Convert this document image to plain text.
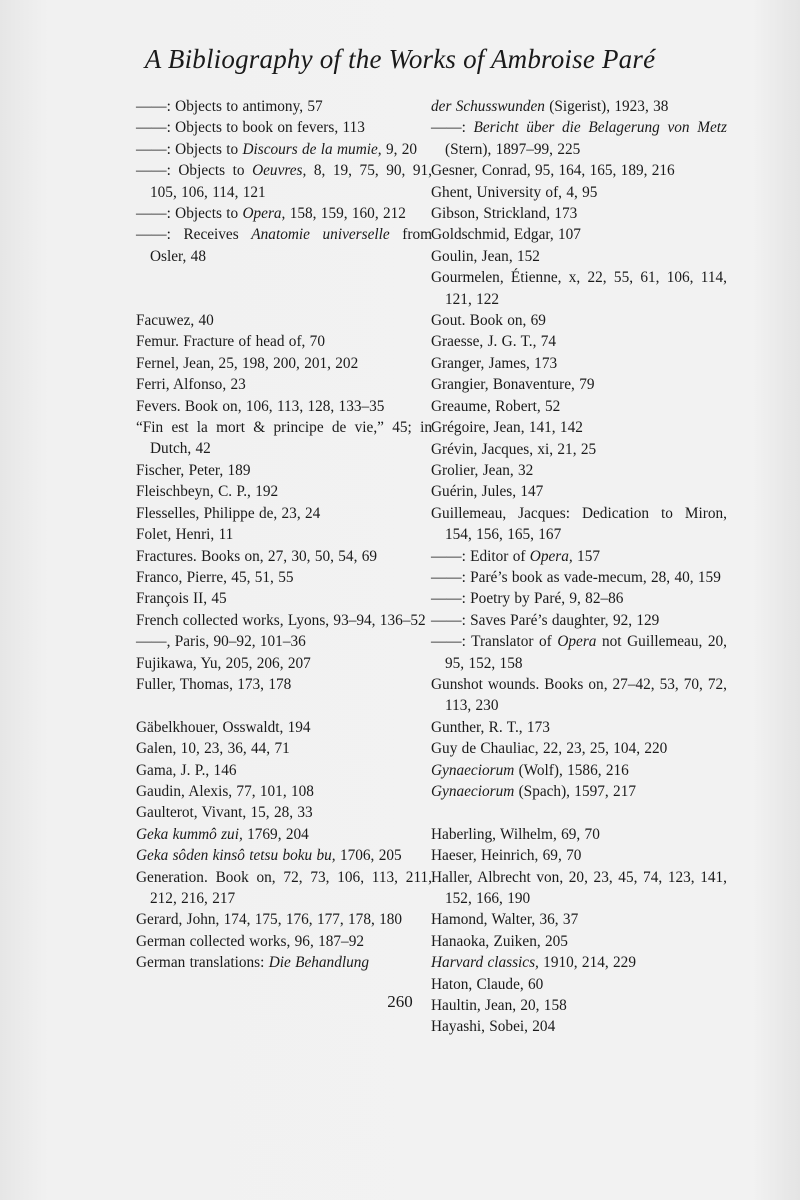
A Bibliography of the Works of Ambroise Paré
——: Objects to antimony, 57
——: Objects to book on fevers, 113
——: Objects to Discours de la mumie, 9, 20
——: Objects to Oeuvres, 8, 19, 75, 90, 91, 105, 106, 114, 121
——: Objects to Opera, 158, 159, 160, 212
——: Receives Anatomie universelle from Osler, 48
Facuwez, 40
Femur. Fracture of head of, 70
Fernel, Jean, 25, 198, 200, 201, 202
Ferri, Alfonso, 23
Fevers. Book on, 106, 113, 128, 133–35
“Fin est la mort & principe de vie,” 45; in Dutch, 42
Fischer, Peter, 189
Fleischbeyn, C. P., 192
Flesselles, Philippe de, 23, 24
Folet, Henri, 11
Fractures. Books on, 27, 30, 50, 54, 69
Franco, Pierre, 45, 51, 55
François II, 45
French collected works, Lyons, 93–94, 136–52
——, Paris, 90–92, 101–36
Fujikawa, Yu, 205, 206, 207
Fuller, Thomas, 173, 178
Gäbelkhouer, Osswaldt, 194
Galen, 10, 23, 36, 44, 71
Gama, J. P., 146
Gaudin, Alexis, 77, 101, 108
Gaulterot, Vivant, 15, 28, 33
Geka kummô zui, 1769, 204
Geka sôden kinsô tetsu boku bu, 1706, 205
Generation. Book on, 72, 73, 106, 113, 211, 212, 216, 217
Gerard, John, 174, 175, 176, 177, 178, 180
German collected works, 96, 187–92
German translations: Die Behandlung
der Schusswunden (Sigerist), 1923, 38
——: Bericht über die Belagerung von Metz (Stern), 1897–99, 225
Gesner, Conrad, 95, 164, 165, 189, 216
Ghent, University of, 4, 95
Gibson, Strickland, 173
Goldschmid, Edgar, 107
Goulin, Jean, 152
Gourmelen, Étienne, x, 22, 55, 61, 106, 114, 121, 122
Gout. Book on, 69
Graesse, J. G. T., 74
Granger, James, 173
Grangier, Bonaventure, 79
Greaume, Robert, 52
Grégoire, Jean, 141, 142
Grévin, Jacques, xi, 21, 25
Grolier, Jean, 32
Guérin, Jules, 147
Guillemeau, Jacques: Dedication to Miron, 154, 156, 165, 167
——: Editor of Opera, 157
——: Paré’s book as vade-mecum, 28, 40, 159
——: Poetry by Paré, 9, 82–86
——: Saves Paré’s daughter, 92, 129
——: Translator of Opera not Guillemeau, 20, 95, 152, 158
Gunshot wounds. Books on, 27–42, 53, 70, 72, 113, 230
Gunther, R. T., 173
Guy de Chauliac, 22, 23, 25, 104, 220
Gynaeciorum (Wolf), 1586, 216
Gynaeciorum (Spach), 1597, 217
Haberling, Wilhelm, 69, 70
Haeser, Heinrich, 69, 70
Haller, Albrecht von, 20, 23, 45, 74, 123, 141, 152, 166, 190
Hamond, Walter, 36, 37
Hanaoka, Zuiken, 205
Harvard classics, 1910, 214, 229
Haton, Claude, 60
Haultin, Jean, 20, 158
Hayashi, Sobei, 204
260
